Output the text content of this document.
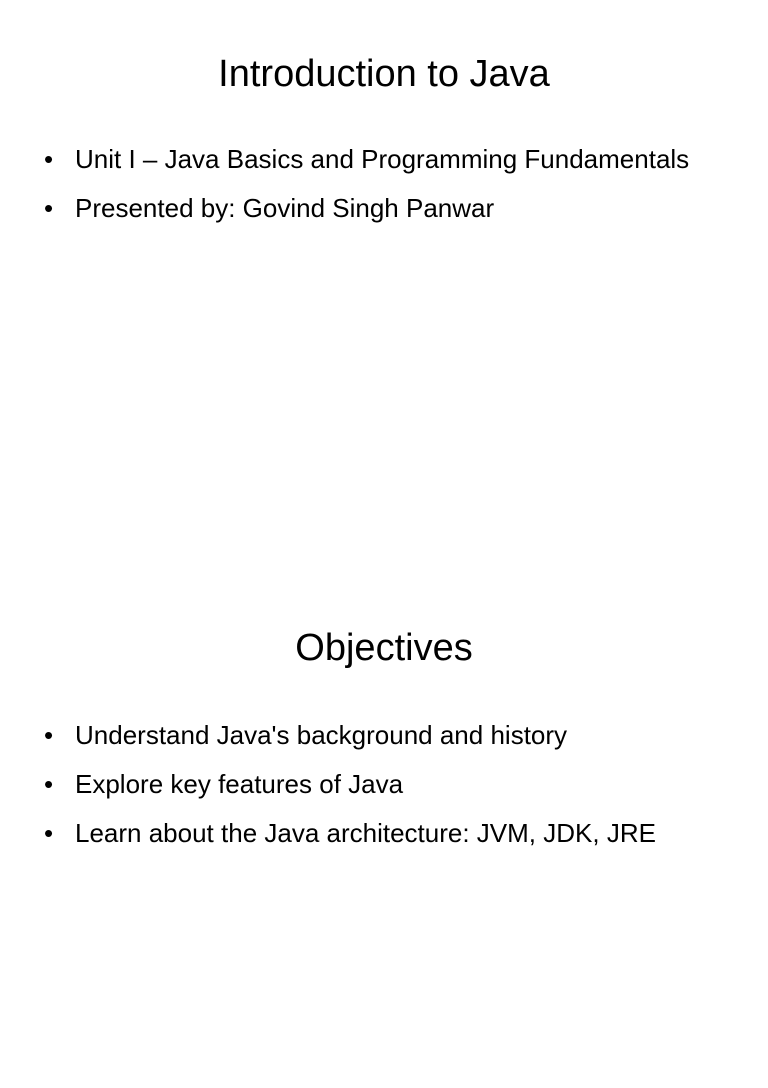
Introduction to Java
• Unit I – Java Basics and Programming Fundamentals
• Presented by: Govind Singh Panwar
Objectives
• Understand Java's background and history
• Explore key features of Java
• Learn about the Java architecture: JVM, JDK, JRE
